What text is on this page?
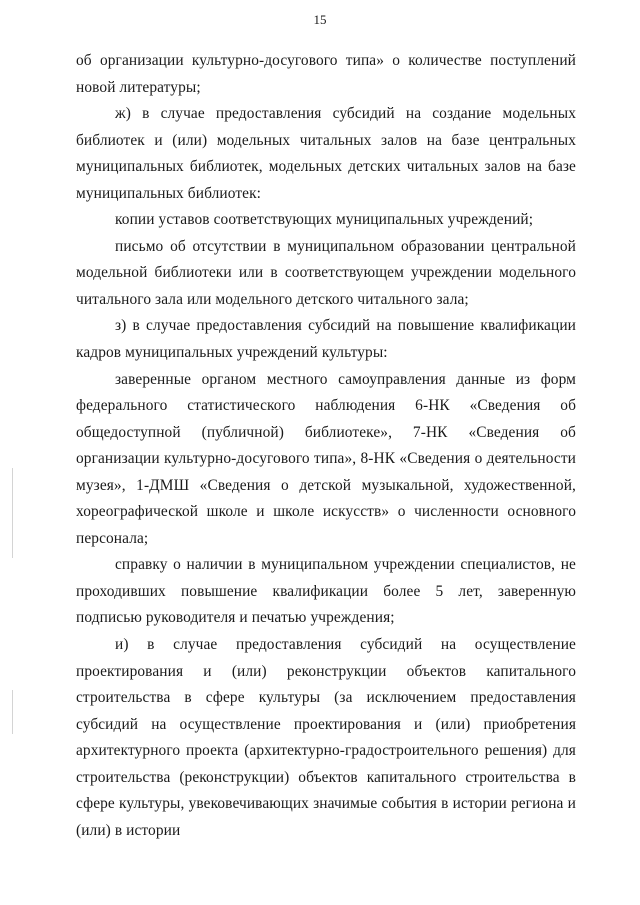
15

об организации культурно-досугового типа» о количестве поступлений новой литературы;

ж) в случае предоставления субсидий на создание модельных библиотек и (или) модельных читальных залов на базе центральных муниципальных библиотек, модельных детских читальных залов на базе муниципальных библиотек:

копии уставов соответствующих муниципальных учреждений;

письмо об отсутствии в муниципальном образовании центральной модельной библиотеки или в соответствующем учреждении модельного читального зала или модельного детского читального зала;

з) в случае предоставления субсидий на повышение квалификации кадров муниципальных учреждений культуры:

заверенные органом местного самоуправления данные из форм федерального статистического наблюдения 6-НК «Сведения об общедоступной (публичной) библиотеке», 7-НК «Сведения об организации культурно-досугового типа», 8-НК «Сведения о деятельности музея», 1-ДМШ «Сведения о детской музыкальной, художественной, хореографической школе и школе искусств» о численности основного персонала;

справку о наличии в муниципальном учреждении специалистов, не проходивших повышение квалификации более 5 лет, заверенную подписью руководителя и печатью учреждения;

и) в случае предоставления субсидий на осуществление проектирования и (или) реконструкции объектов капитального строительства в сфере культуры (за исключением предоставления субсидий на осуществление проектирования и (или) приобретения архитектурного проекта (архитектурно-градостроительного решения) для строительства (реконструкции) объектов капитального строительства в сфере культуры, увековечивающих значимые события в истории региона и (или) в истории
